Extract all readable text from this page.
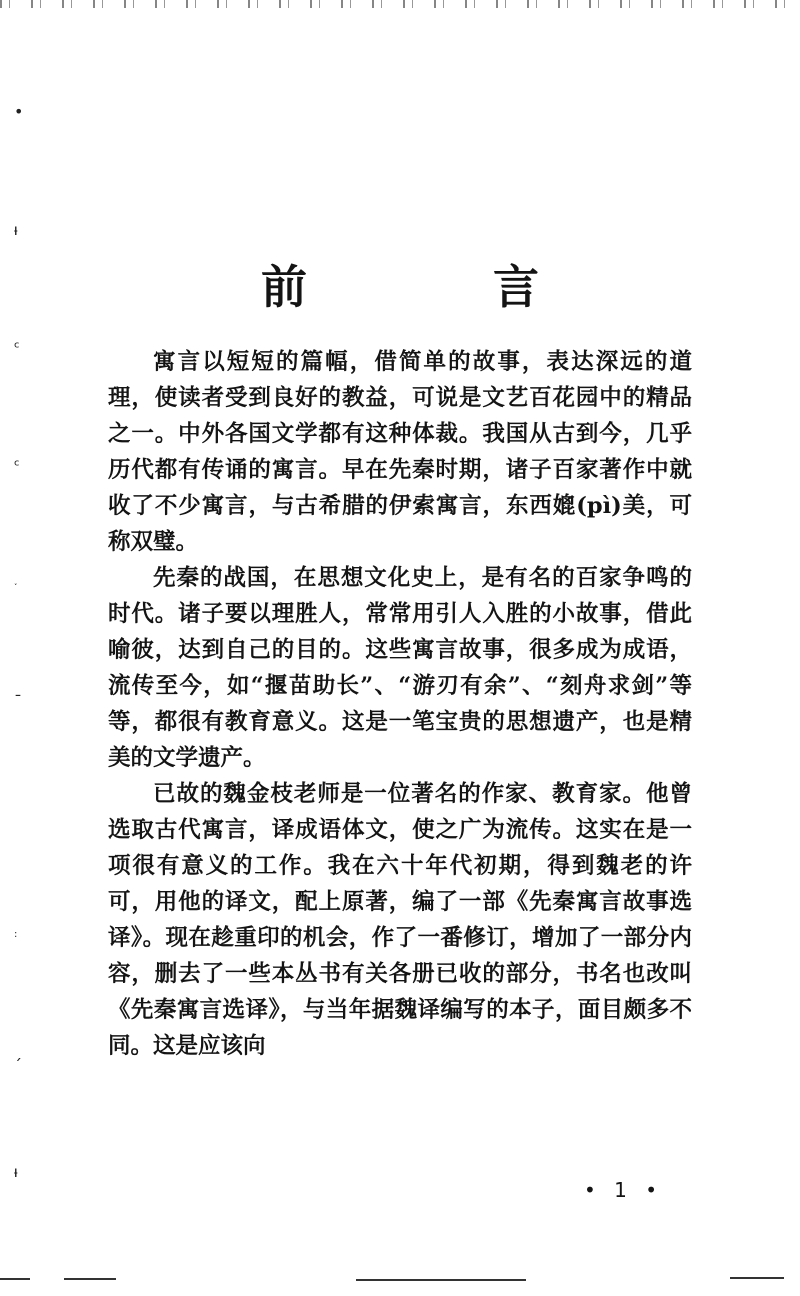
•
ᵼ
ᶜ
ᶜ
˯
ˉ
:
ˏ
ᵼ
前　言

寓言以短短的篇幅，借简单的故事，表达深远的道理，使读者受到良好的教益，可说是文艺百花园中的精品之一。中外各国文学都有这种体裁。我国从古到今，几乎历代都有传诵的寓言。早在先秦时期，诸子百家著作中就收了不少寓言，与古希腊的伊索寓言，东西媲(pì)美，可称双璧。

先秦的战国，在思想文化史上，是有名的百家争鸣的时代。诸子要以理胜人，常常用引人入胜的小故事，借此喻彼，达到自己的目的。这些寓言故事，很多成为成语，流传至今，如“揠苗助长”、“游刃有余”、“刻舟求剑”等等，都很有教育意义。这是一笔宝贵的思想遗产，也是精美的文学遗产。

已故的魏金枝老师是一位著名的作家、教育家。他曾选取古代寓言，译成语体文，使之广为流传。这实在是一项很有意义的工作。我在六十年代初期，得到魏老的许可，用他的译文，配上原著，编了一部《先秦寓言故事选译》。现在趁重印的机会，作了一番修订，增加了一部分内容，删去了一些本丛书有关各册已收的部分，书名也改叫《先秦寓言选译》，与当年据魏译编写的本子，面目颇多不同。这是应该向

• 1 •
